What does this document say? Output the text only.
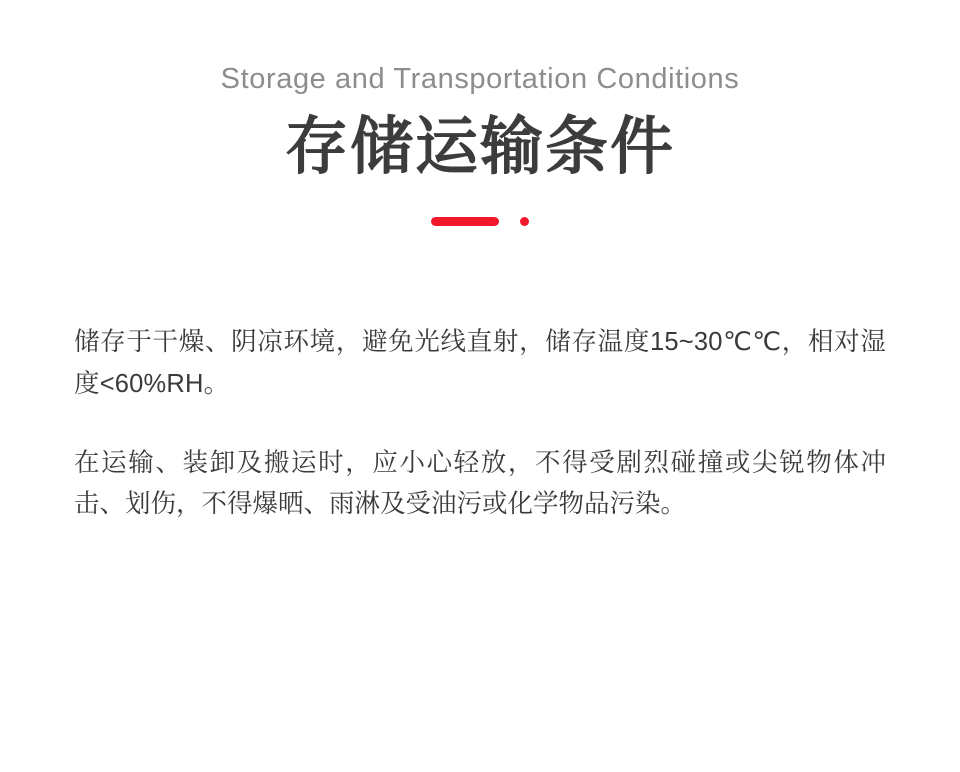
Storage and Transportation Conditions

存储运输条件

储存于干燥、阴凉环境，避免光线直射，储存温度15~30℃℃，相对湿度<60%RH。

在运输、装卸及搬运时，应小心轻放，不得受剧烈碰撞或尖锐物体冲击、划伤，不得爆晒、雨淋及受油污或化学物品污染。
